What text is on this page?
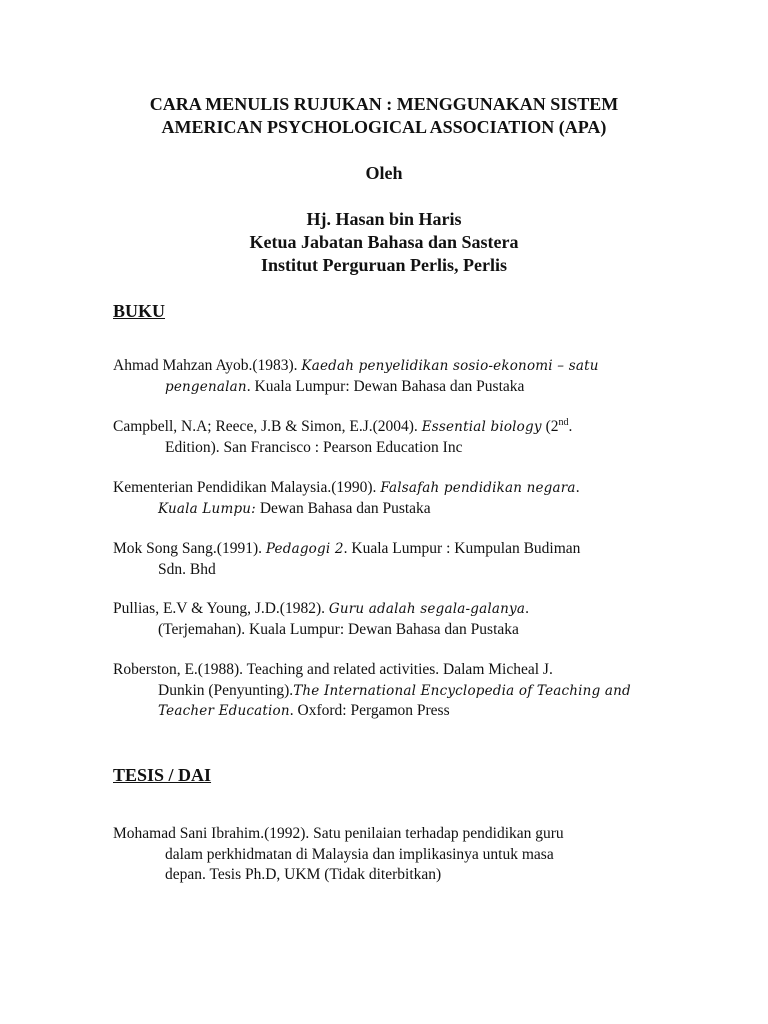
CARA MENULIS RUJUKAN : MENGGUNAKAN SISTEM
AMERICAN PSYCHOLOGICAL ASSOCIATION (APA)
Oleh
Hj. Hasan bin Haris
Ketua Jabatan Bahasa dan Sastera
Institut Perguruan Perlis, Perlis
BUKU
Ahmad Mahzan Ayob.(1983). Kaedah penyelidikan sosio-ekonomi – satu
pengenalan. Kuala Lumpur: Dewan Bahasa dan Pustaka
Campbell, N.A; Reece, J.B & Simon, E.J.(2004). Essential biology (2nd.
Edition). San Francisco : Pearson Education Inc
Kementerian Pendidikan Malaysia.(1990). Falsafah pendidikan negara.
Kuala Lumpu: Dewan Bahasa dan Pustaka
Mok Song Sang.(1991). Pedagogi 2. Kuala Lumpur : Kumpulan Budiman
Sdn. Bhd
Pullias, E.V & Young, J.D.(1982). Guru adalah segala-galanya.
(Terjemahan). Kuala Lumpur: Dewan Bahasa dan Pustaka
Roberston, E.(1988). Teaching and related activities. Dalam Micheal J.
Dunkin (Penyunting).The International Encyclopedia of Teaching and
Teacher Education. Oxford: Pergamon Press
TESIS / DAI
Mohamad Sani Ibrahim.(1992). Satu penilaian terhadap pendidikan guru
dalam perkhidmatan di Malaysia dan implikasinya untuk masa
depan. Tesis Ph.D, UKM (Tidak diterbitkan)
